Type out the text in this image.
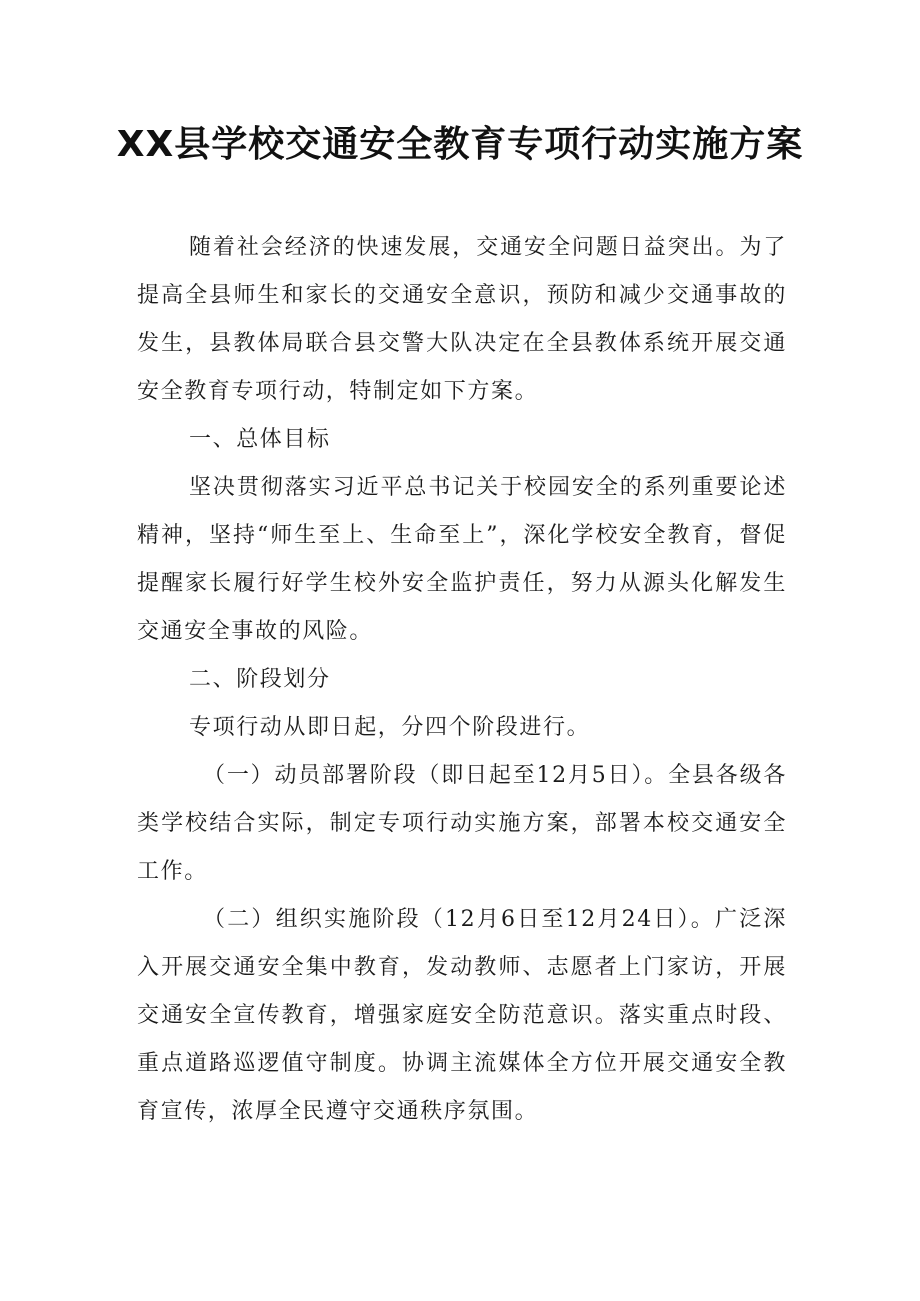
XX县学校交通安全教育专项行动实施方案

随着社会经济的快速发展，交通安全问题日益突出。为了提高全县师生和家长的交通安全意识，预防和减少交通事故的发生，县教体局联合县交警大队决定在全县教体系统开展交通安全教育专项行动，特制定如下方案。

一、总体目标

坚决贯彻落实习近平总书记关于校园安全的系列重要论述精神，坚持“师生至上、生命至上”，深化学校安全教育，督促提醒家长履行好学生校外安全监护责任，努力从源头化解发生交通安全事故的风险。

二、阶段划分

专项行动从即日起，分四个阶段进行。

（一）动员部署阶段（即日起至12月5日）。全县各级各类学校结合实际，制定专项行动实施方案，部署本校交通安全工作。

（二）组织实施阶段（12月6日至12月24日）。广泛深入开展交通安全集中教育，发动教师、志愿者上门家访，开展交通安全宣传教育，增强家庭安全防范意识。落实重点时段、重点道路巡逻值守制度。协调主流媒体全方位开展交通安全教育宣传，浓厚全民遵守交通秩序氛围。
